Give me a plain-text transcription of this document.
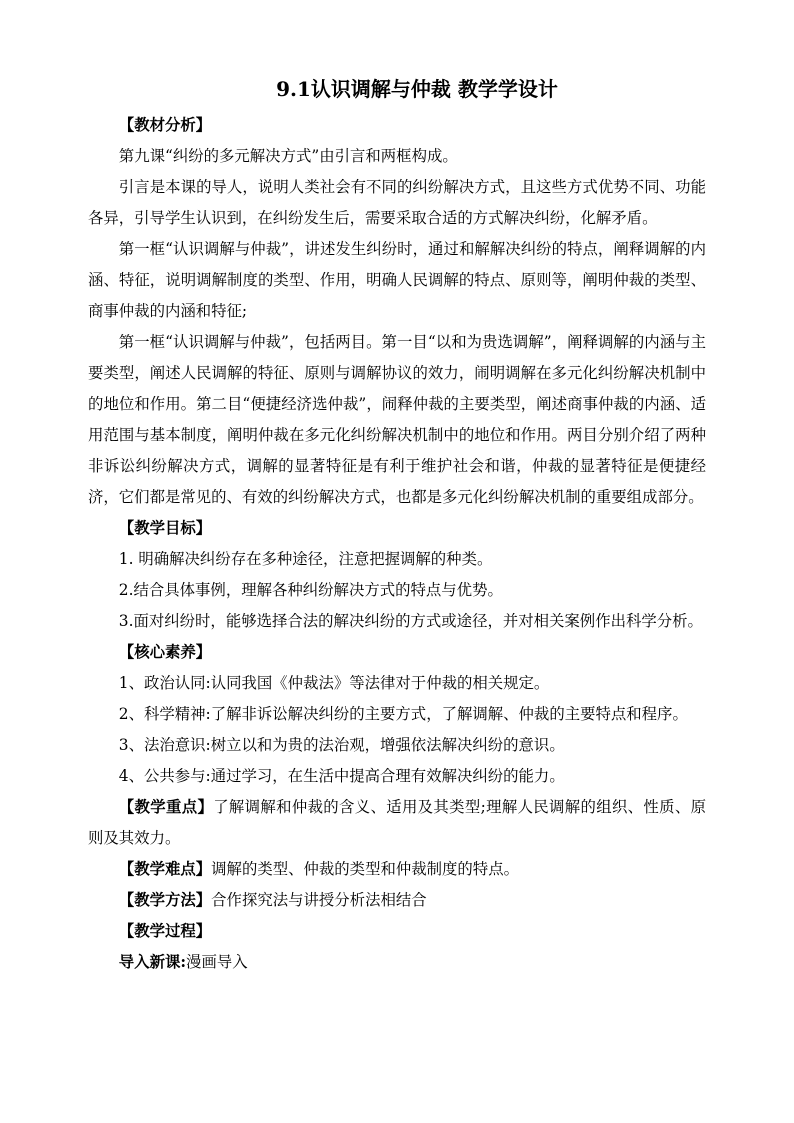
9.1认识调解与仲裁 教学学设计
【教材分析】

第九课“纠纷的多元解决方式”由引言和两框构成。

引言是本课的导人，说明人类社会有不同的纠纷解决方式，且这些方式优势不同、功能各异，引导学生认识到，在纠纷发生后，需要采取合适的方式解决纠纷，化解矛盾。

第一框“认识调解与仲裁”，讲述发生纠纷时，通过和解解决纠纷的特点，阐释调解的内涵、特征，说明调解制度的类型、作用，明确人民调解的特点、原则等，阐明仲裁的类型、商事仲裁的内涵和特征;

第一框“认识调解与仲裁”，包括两目。第一目“以和为贵选调解”，阐释调解的内涵与主要类型，阐述人民调解的特征、原则与调解协议的效力，闹明调解在多元化纠纷解决机制中的地位和作用。第二目“便捷经济选仲裁”，闹释仲裁的主要类型，阐述商事仲裁的内涵、适用范围与基本制度，阐明仲裁在多元化纠纷解决机制中的地位和作用。两目分别介绍了两种非诉讼纠纷解决方式，调解的显著特征是有利于维护社会和谐，仲裁的显著特征是便捷经济，它们都是常见的、有效的纠纷解决方式，也都是多元化纠纷解决机制的重要组成部分。

【教学目标】

1. 明确解决纠纷存在多种途径，注意把握调解的种类。

2.结合具体事例，理解各种纠纷解决方式的特点与优势。

3.面对纠纷时，能够选择合法的解决纠纷的方式或途径，并对相关案例作出科学分析。

【核心素养】

1、政治认同:认同我国《仲裁法》等法律对于仲裁的相关规定。

2、科学精神:了解非诉讼解决纠纷的主要方式，了解调解、仲裁的主要特点和程序。

3、法治意识:树立以和为贵的法治观，增强依法解决纠纷的意识。

4、公共参与:通过学习，在生活中提高合理有效解决纠纷的能力。

【教学重点】了解调解和仲裁的含义、适用及其类型;理解人民调解的组织、性质、原则及其效力。

【教学难点】调解的类型、仲裁的类型和仲裁制度的特点。

【教学方法】合作探究法与讲授分析法相结合

【教学过程】

导入新课:漫画导入
